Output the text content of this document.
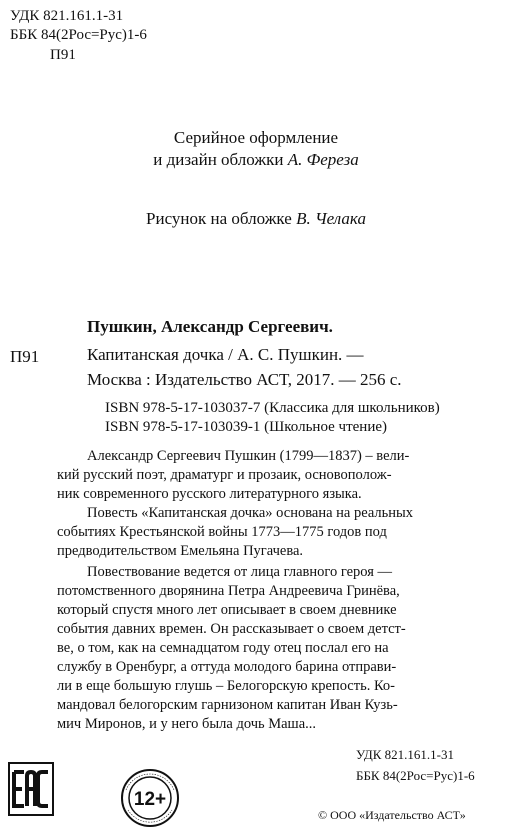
УДК 821.161.1-31
ББК 84(2Рос=Рус)1-6
П91
Серийное оформление
и дизайн обложки А. Фереза
Рисунок на обложке В. Челака
Пушкин, Александр Сергеевич.
П91	Капитанская дочка / А. С. Пушкин. —
Москва : Издательство АСТ, 2017. — 256 с.
ISBN 978-5-17-103037-7 (Классика для школьников)
ISBN 978-5-17-103039-1 (Школьное чтение)
Александр Сергеевич Пушкин (1799—1837) – вели-
кий русский поэт, драматург и прозаик, основополож-
ник современного русского литературного языка.
Повесть «Капитанская дочка» основана на реальных
событиях Крестьянской войны 1773—1775 годов под
предводительством Емельяна Пугачева.
Повествование ведется от лица главного героя —
потомственного дворянина Петра Андреевича Гринёва,
который спустя много лет описывает в своем дневнике
события давних времен. Он рассказывает о своем детст-
ве, о том, как на семнадцатом году отец послал его на
службу в Оренбург, а оттуда молодого барина отправи-
ли в еще большую глушь – Белогорскую крепость. Ко-
мандовал белогорским гарнизоном капитан Иван Кузь-
мич Миронов, и у него была дочь Маша...
УДК 821.161.1-31
ББК 84(2Рос=Рус)1-6
© ООО «Издательство АСТ»
12+
